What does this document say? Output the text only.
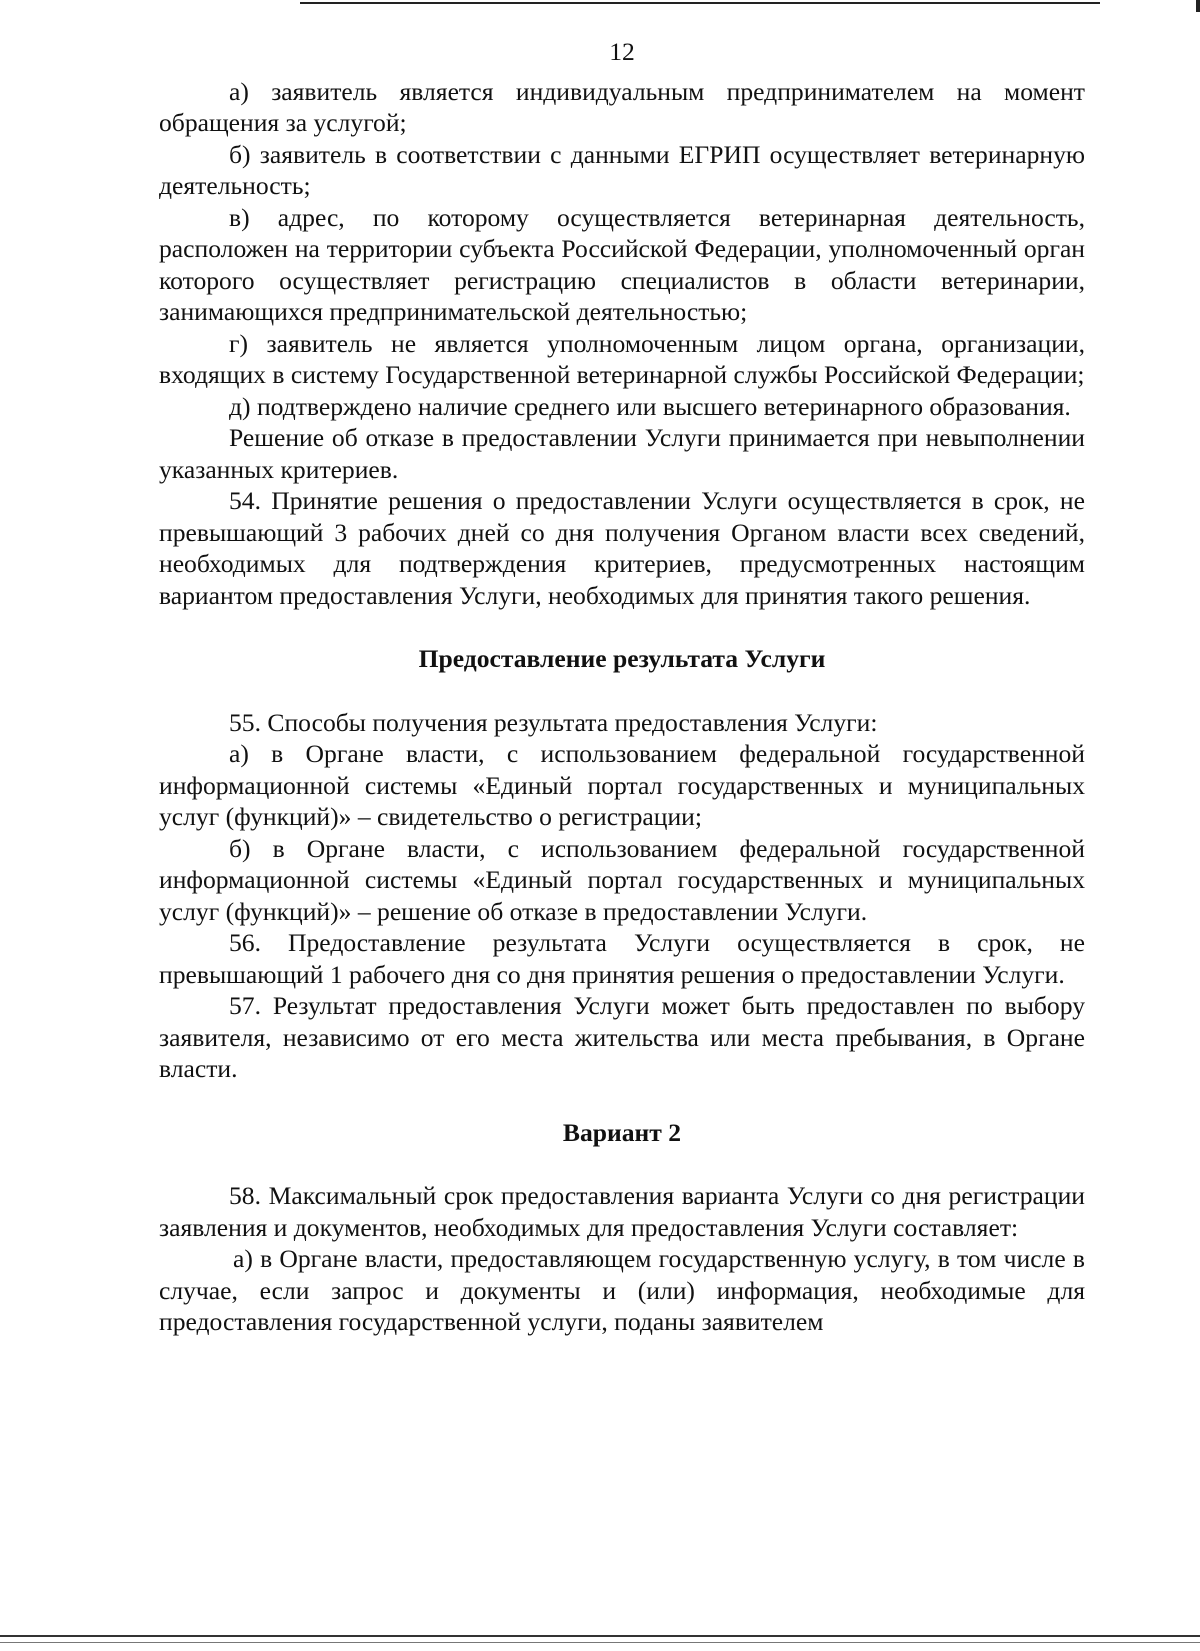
12

а) заявитель является индивидуальным предпринимателем на момент обращения за услугой;

б) заявитель в соответствии с данными ЕГРИП осуществляет ветеринарную деятельность;

в) адрес, по которому осуществляется ветеринарная деятельность, расположен на территории субъекта Российской Федерации, уполномоченный орган которого осуществляет регистрацию специалистов в области ветеринарии, занимающихся предпринимательской деятельностью;

г) заявитель не является уполномоченным лицом органа, организации, входящих в систему Государственной ветеринарной службы Российской Федерации;

д) подтверждено наличие среднего или высшего ветеринарного образования.

Решение об отказе в предоставлении Услуги принимается при невыполнении указанных критериев.

54. Принятие решения о предоставлении Услуги осуществляется в срок, не превышающий 3 рабочих дней со дня получения Органом власти всех сведений, необходимых для подтверждения критериев, предусмотренных настоящим вариантом предоставления Услуги, необходимых для принятия такого решения.

Предоставление результата Услуги

55. Способы получения результата предоставления Услуги:

а) в Органе власти, с использованием федеральной государственной информационной системы «Единый портал государственных и муниципальных услуг (функций)» – свидетельство о регистрации;

б) в Органе власти, с использованием федеральной государственной информационной системы «Единый портал государственных и муниципальных услуг (функций)» – решение об отказе в предоставлении Услуги.

56. Предоставление результата Услуги осуществляется в срок, не превышающий 1 рабочего дня со дня принятия решения о предоставлении Услуги.

57. Результат предоставления Услуги может быть предоставлен по выбору заявителя, независимо от его места жительства или места пребывания, в Органе власти.

Вариант 2

58. Максимальный срок предоставления варианта Услуги со дня регистрации заявления и документов, необходимых для предоставления Услуги составляет:

а) в Органе власти, предоставляющем государственную услугу, в том числе в случае, если запрос и документы и (или) информация, необходимые для предоставления государственной услуги, поданы заявителем
